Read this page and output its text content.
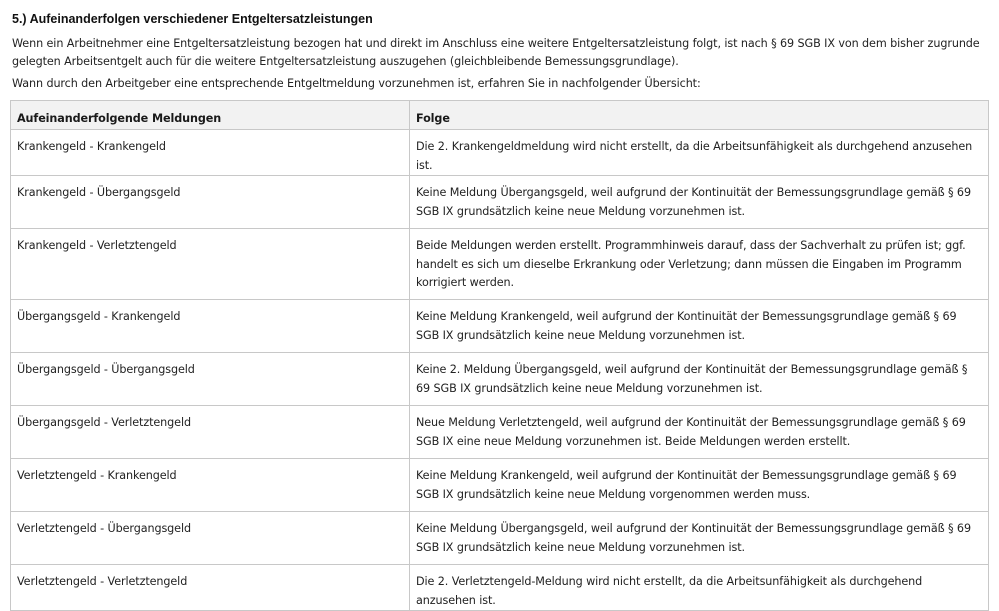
5.) Aufeinanderfolgen verschiedener Entgeltersatzleistungen

Wenn ein Arbeitnehmer eine Entgeltersatzleistung bezogen hat und direkt im Anschluss eine weitere Entgeltersatzleistung folgt, ist nach § 69 SGB IX von dem bisher zugrunde gelegten Arbeitsentgelt auch für die weitere Entgeltersatzleistung auszugehen (gleichbleibende Bemessungsgrundlage).

Wann durch den Arbeitgeber eine entsprechende Entgeltmeldung vorzunehmen ist, erfahren Sie in nachfolgender Übersicht:

Aufeinanderfolgende Meldungen	Folge
Krankengeld - Krankengeld	Die 2. Krankengeldmeldung wird nicht erstellt, da die Arbeitsunfähigkeit als durchgehend anzusehen ist.
Krankengeld - Übergangsgeld	Keine Meldung Übergangsgeld, weil aufgrund der Kontinuität der Bemessungsgrundlage gemäß § 69 SGB IX grundsätzlich keine neue Meldung vorzunehmen ist.
Krankengeld - Verletztengeld	Beide Meldungen werden erstellt. Programmhinweis darauf, dass der Sachverhalt zu prüfen ist; ggf. handelt es sich um dieselbe Erkrankung oder Verletzung; dann müssen die Eingaben im Programm korrigiert werden.
Übergangsgeld - Krankengeld	Keine Meldung Krankengeld, weil aufgrund der Kontinuität der Bemessungsgrundlage gemäß § 69 SGB IX grundsätzlich keine neue Meldung vorzunehmen ist.
Übergangsgeld - Übergangsgeld	Keine 2. Meldung Übergangsgeld, weil aufgrund der Kontinuität der Bemessungsgrundlage gemäß § 69 SGB IX grundsätzlich keine neue Meldung vorzunehmen ist.
Übergangsgeld - Verletztengeld	Neue Meldung Verletztengeld, weil aufgrund der Kontinuität der Bemessungsgrundlage gemäß § 69 SGB IX eine neue Meldung vorzunehmen ist. Beide Meldungen werden erstellt.
Verletztengeld - Krankengeld	Keine Meldung Krankengeld, weil aufgrund der Kontinuität der Bemessungsgrundlage gemäß § 69 SGB IX grundsätzlich keine neue Meldung vorgenommen werden muss.
Verletztengeld - Übergangsgeld	Keine Meldung Übergangsgeld, weil aufgrund der Kontinuität der Bemessungsgrundlage gemäß § 69 SGB IX grundsätzlich keine neue Meldung vorzunehmen ist.
Verletztengeld - Verletztengeld	Die 2. Verletztengeld-Meldung wird nicht erstellt, da die Arbeitsunfähigkeit als durchgehend anzusehen ist.
